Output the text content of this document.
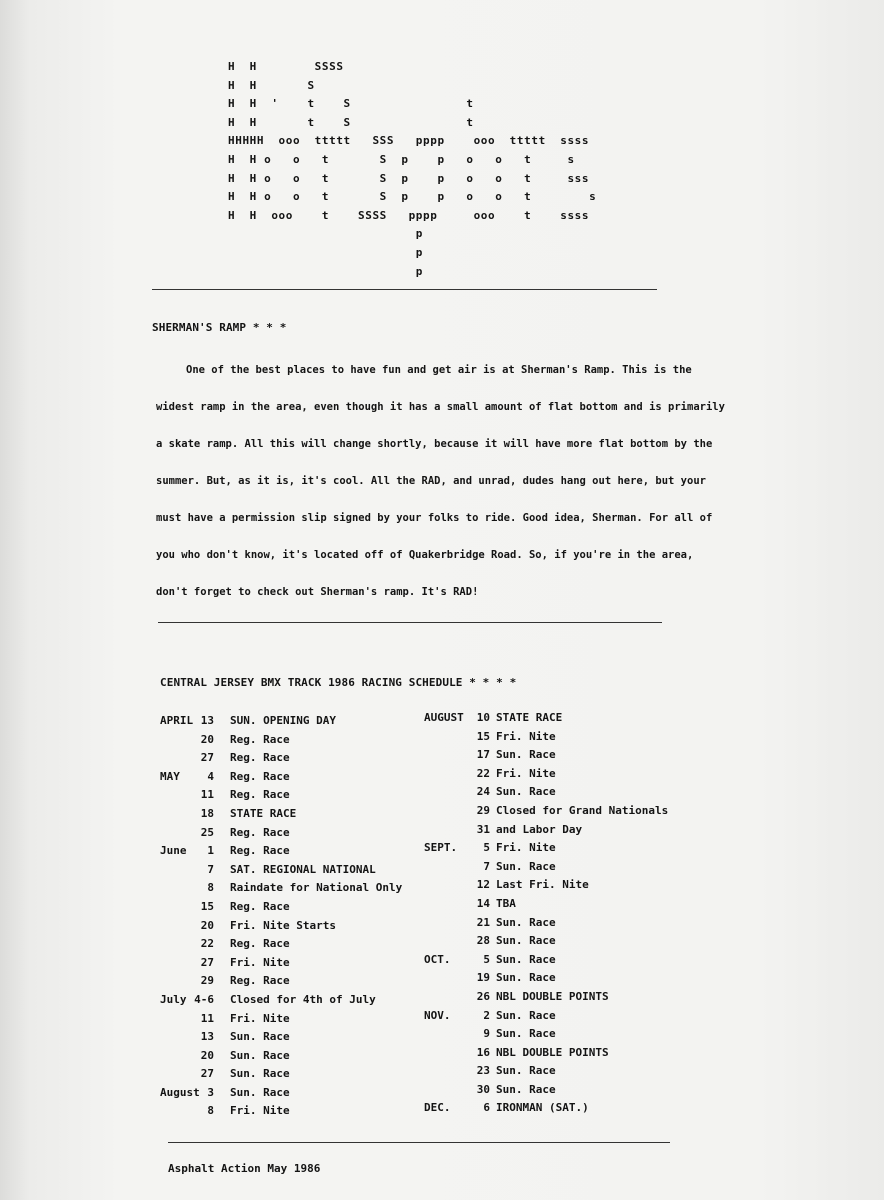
H  H        SSSS
H  H       S
H  H  '    t    S                t
H  H       t    S                t
HHHHH  ooo  ttttt   SSS   pppp    ooo  ttttt  ssss
H  H o   o   t       S  p    p   o   o   t     s
H  H o   o   t       S  p    p   o   o   t     sss
H  H o   o   t       S  p    p   o   o   t        s
H  H  ooo    t    SSSS   pppp     ooo    t    ssss
p
p
p

SHERMAN'S RAMP * * *
One of the best places to have fun and get air is at Sherman's Ramp. This is the
widest ramp in the area, even though it has a small amount of flat bottom and is primarily
a skate ramp. All this will change shortly, because it will have more flat bottom by the
summer. But, as it is, it's cool. All the RAD, and unrad, dudes hang out here, but your
must have a permission slip signed by your folks to ride. Good idea, Sherman. For all of
you who don't know, it's located off of Quakerbridge Road. So, if you're in the area,
don't forget to check out Sherman's ramp. It's RAD!
CENTRAL JERSEY BMX TRACK 1986 RACING SCHEDULE * * * *
APRIL 13 SUN. OPENING DAY
20 Reg. Race
27 Reg. Race
MAY	4 Reg. Race
11 Reg. Race
18 STATE RACE
25 Reg. Race
June	1 Reg. Race
7 SAT. REGIONAL NATIONAL
8 Raindate for National Only
15 Reg. Race
20 Fri. Nite Starts
22 Reg. Race
27 Fri. Nite
29 Reg. Race
July 4-6 Closed for 4th of July
11 Fri. Nite
13 Sun. Race
20 Sun. Race
27 Sun. Race
August 3 Sun. Race
8 Fri. Nite
AUGUST	10 STATE RACE
15 Fri. Nite
17 Sun. Race
22 Fri. Nite
24 Sun. Race
29 Closed for Grand Nationals
31 and Labor Day
SEPT.	5 Fri. Nite
7 Sun. Race
12 Last Fri. Nite
14 TBA
21 Sun. Race
28 Sun. Race
OCT.	5 Sun. Race
19 Sun. Race
26 NBL DOUBLE POINTS
NOV.	2 Sun. Race
9 Sun. Race
16 NBL DOUBLE POINTS
23 Sun. Race
30 Sun. Race
DEC.	6 IRONMAN (SAT.)
Asphalt Action May 1986
